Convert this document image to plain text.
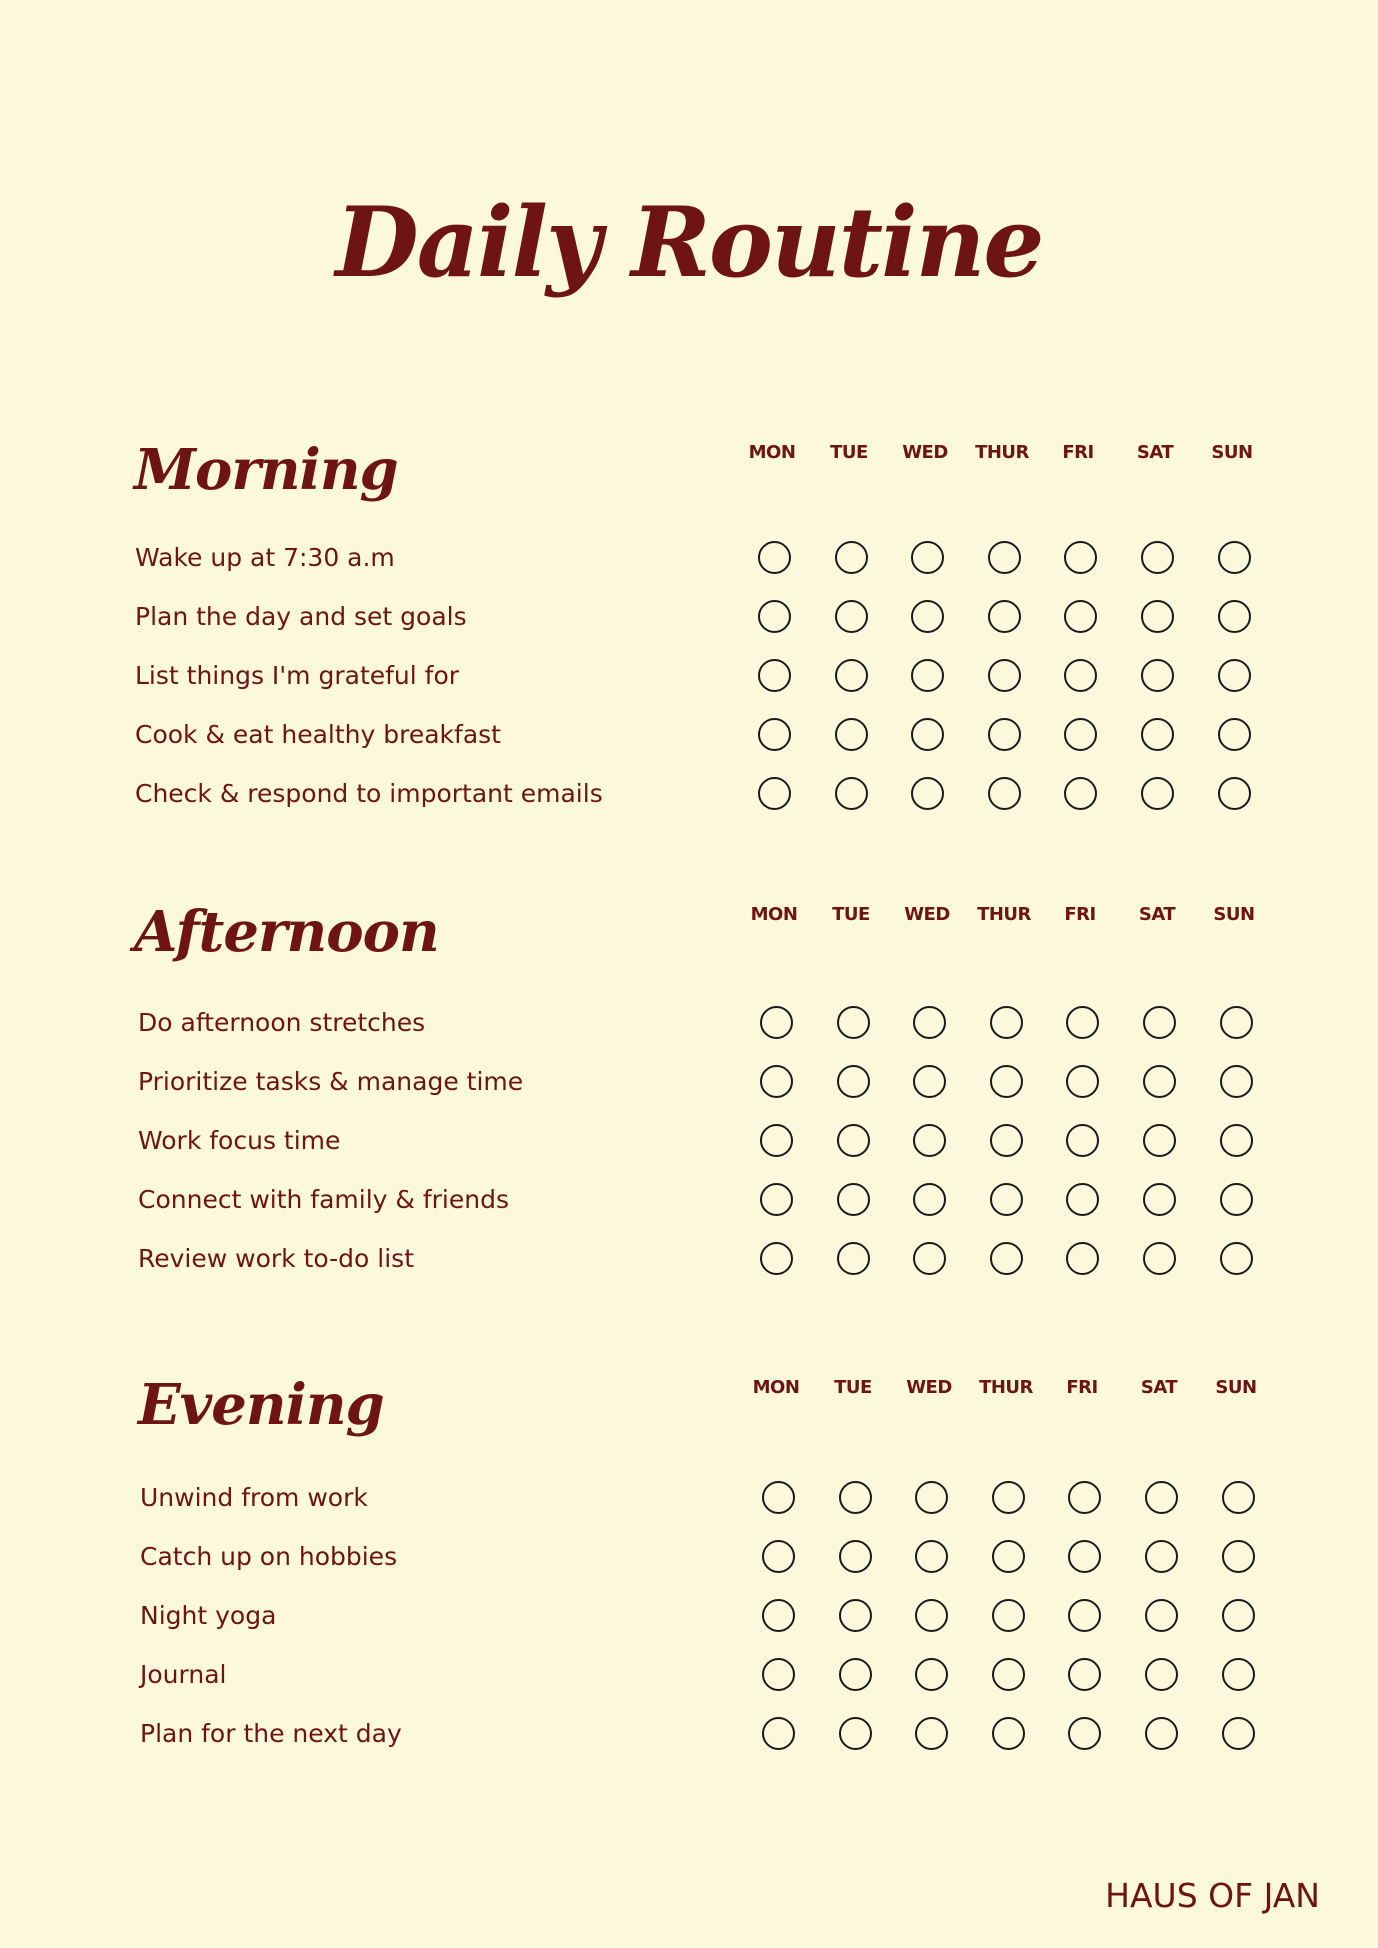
Daily Routine
Morning	MON	TUE	WED	THUR	FRI	SAT	SUN
Wake up at 7:30 a.m
Plan the day and set goals
List things I'm grateful for
Cook & eat healthy breakfast
Check & respond to important emails
Afternoon	MON	TUE	WED	THUR	FRI	SAT	SUN
Do afternoon stretches
Prioritize tasks & manage time
Work focus time
Connect with family & friends
Review work to-do list
Evening	MON	TUE	WED	THUR	FRI	SAT	SUN
Unwind from work
Catch up on hobbies
Night yoga
Journal
Plan for the next day
HAUS OF JAN
